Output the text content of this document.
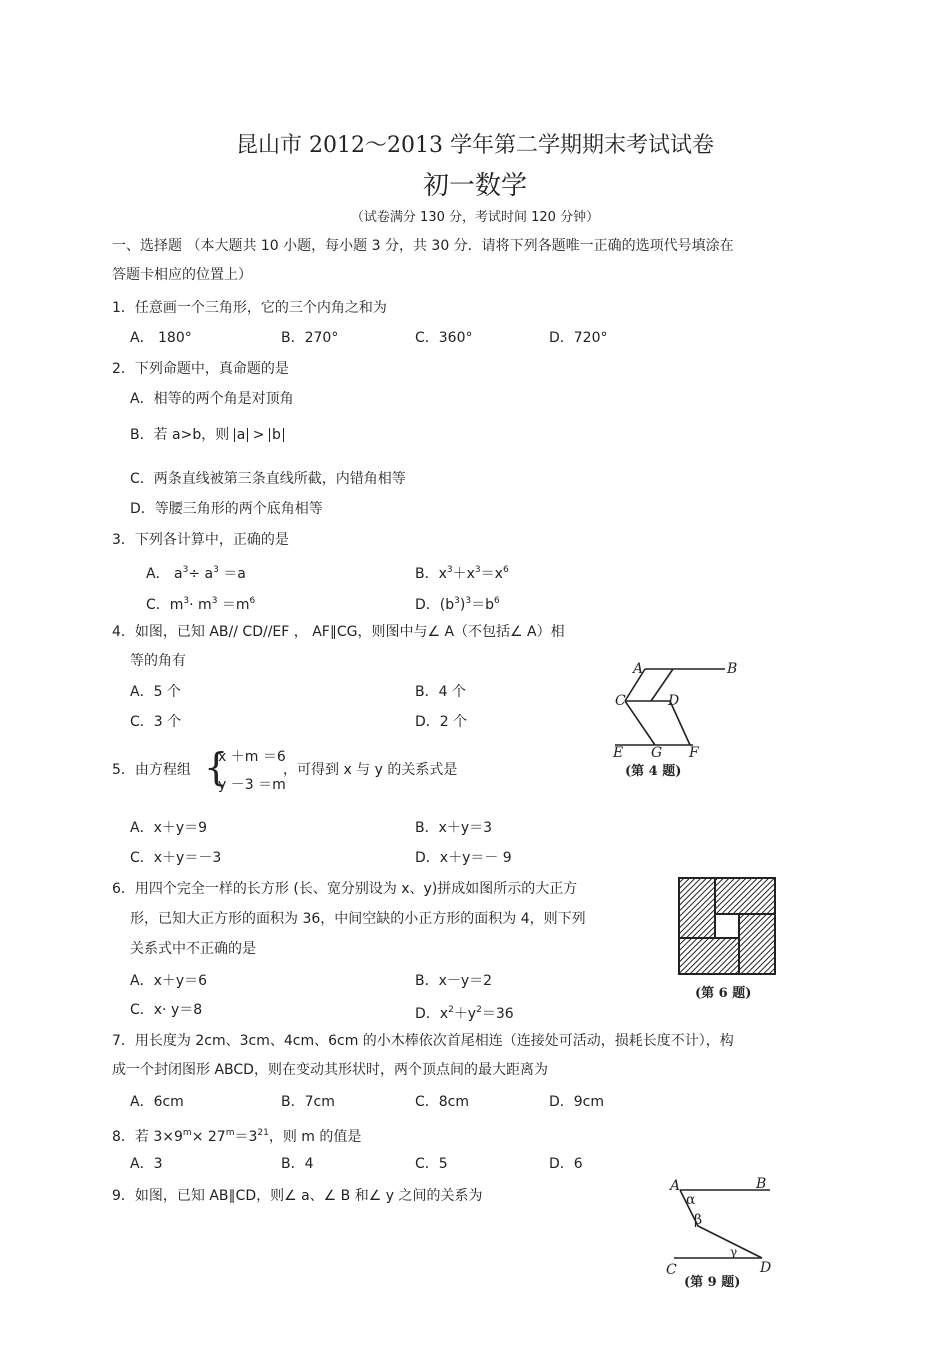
昆山市 2012～2013 学年第二学期期末考试试卷
初一数学
（试卷满分 130 分，考试时间 120 分钟）
一、选择题 （本大题共 10 小题，每小题 3 分，共 30 分．请将下列各题唯一正确的选项代号填涂在
答题卡相应的位置上）
1．任意画一个三角形，它的三个内角之和为
A． 180°	B．270°	C．360°	D．720°
2．下列命题中，真命题的是
A．相等的两个角是对顶角
B．若 a>b，则 a > b
C．两条直线被第三条直线所截，内错角相等
D．等腰三角形的两个底角相等
3．下列各计算中，正确的是
A． $a^3\div a^3 =a$	B．$x^3+x^3=x^6$
C．$m^3\cdot m^3 =m^6$	D．$(b^3)^3=b^6$
4．如图，已知 AB// CD//EF ， AF∥CG，则图中与∠ A（不包括∠ A）相
等的角有
A．5 个	B．4 个
C．3 个	D．2 个
A	B
C	D
E G F
(第 4 题)
5．由方程组 {
x ＋m ＝6
y －3 ＝m
，可得到 x 与 y 的关系式是
A．x＋y＝9	B．x＋y＝3
C．x＋y＝－3	D．x＋y＝－ 9
6．用四个完全一样的长方形 (长、宽分别设为 x、y)拼成如图所示的大正方
形，已知大正方形的面积为 36，中间空缺的小正方形的面积为 4，则下列
关系式中不正确的是
A．x＋y＝6	B．x－y＝2
C．x· y＝8	D．$x^2+y^2=36$
(第 6 题)
7．用长度为 2cm、3cm、4cm、6cm 的小木棒依次首尾相连（连接处可活动，损耗长度不计），构
成一个封闭图形 ABCD，则在变动其形状时，两个顶点间的最大距离为
A．6cm	B．7cm	C．8cm	D．9cm
8．若 $3\times 9^m\times 27^m=3^{21}$，则 m 的值是
A．3	B．4	C．5	D．6
9．如图，已知 AB∥CD，则∠ a、∠ B 和∠ y 之间的关系为
A	B
C	D
α
β
γ
(第 9 题)
